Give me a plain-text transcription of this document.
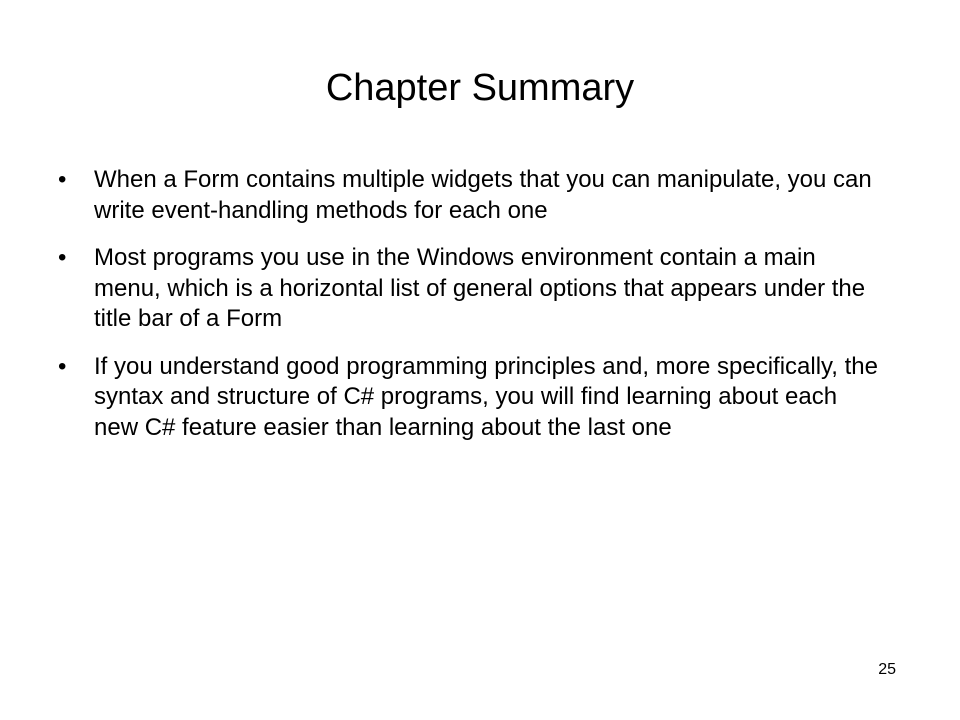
Chapter Summary
•	When a Form contains multiple widgets that you can manipulate, you can write event-handling methods for each one
•	Most programs you use in the Windows environment contain a main menu, which is a horizontal list of general options that appears under the title bar of a Form
•	If you understand good programming principles and, more specifically, the syntax and structure of C# programs, you will find learning about each new C# feature easier than learning about the last one
25
